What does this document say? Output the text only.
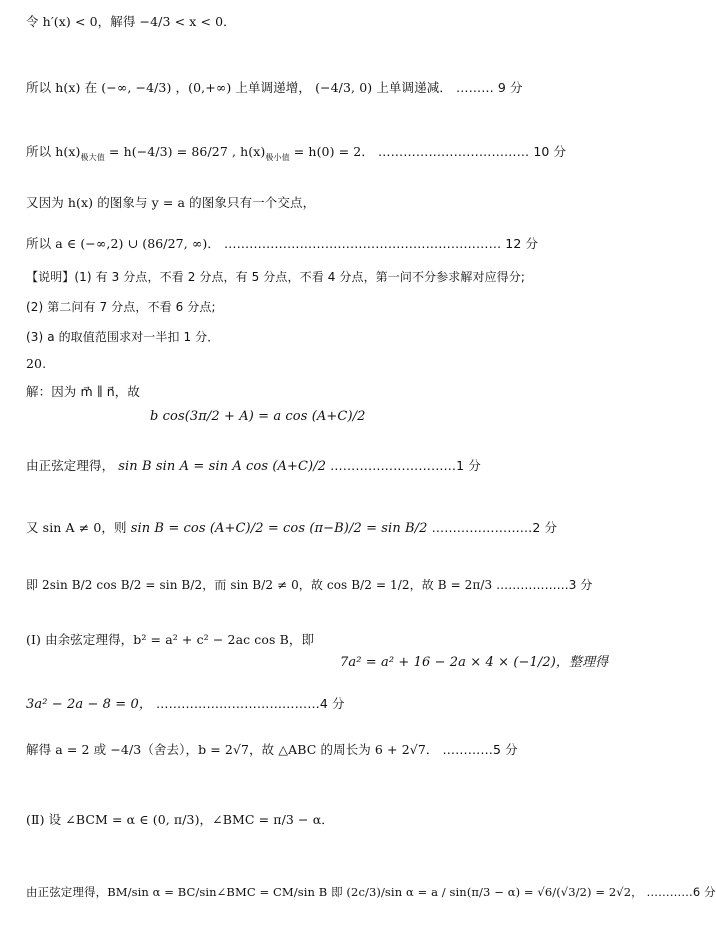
令 h′(x) < 0，解得 −4/3 < x < 0．
所以 h(x) 在 (−∞, −4/3) ，(0,+∞) 上单调递增， (−4/3, 0) 上单调递减． ……… 9 分
所以 $h(x)_{极大值} = h(-4/3) = 86/27$ , $h(x)_{极小值} = h(0) = 2$． ……………………………… 10 分
又因为 h(x) 的图象与 y = a 的图象只有一个交点，
所以 a ∈ (−∞,2) ∪ (86/27, ∞)． ………………………………………………………… 12 分
【说明】(1) 有 3 分点，不看 2 分点，有 5 分点，不看 4 分点，第一问不分参求解对应得分;
(2) 第二问有 7 分点，不看 6 分点;
(3) a 的取值范围求对一半扣 1 分．
20.
解：因为 m⃗ ∥ n⃗，故
b cos(3π/2 + A) = a cos (A+C)/2
由正弦定理得， sin B sin A = sin A cos (A+C)/2 …………………………1 分
又 sin A ≠ 0，则 sin B = cos (A+C)/2 = cos (π−B)/2 = sin B/2 ……………………2 分
即 2sin B/2 cos B/2 = sin B/2，而 sin B/2 ≠ 0，故 cos B/2 = 1/2，故 B = 2π/3 ………………3 分
(Ⅰ) 由余弦定理得，b² = a² + c² − 2ac cos B，即
7a² = a² + 16 − 2a × 4 × (−1/2)，整理得
3a² − 2a − 8 = 0， …………………………………4 分
解得 a = 2 或 −4/3（舍去），b = 2√7，故 △ABC 的周长为 6 + 2√7． …………5 分
(Ⅱ) 设 ∠BCM = α ∈ (0, π/3)，∠BMC = π/3 − α．
由正弦定理得，BM/sin α = BC/sin∠BMC = CM/sin B 即 (2c/3)/sin α = a / sin(π/3 − α) = √6/(√3/2) = 2√2， …………6 分
